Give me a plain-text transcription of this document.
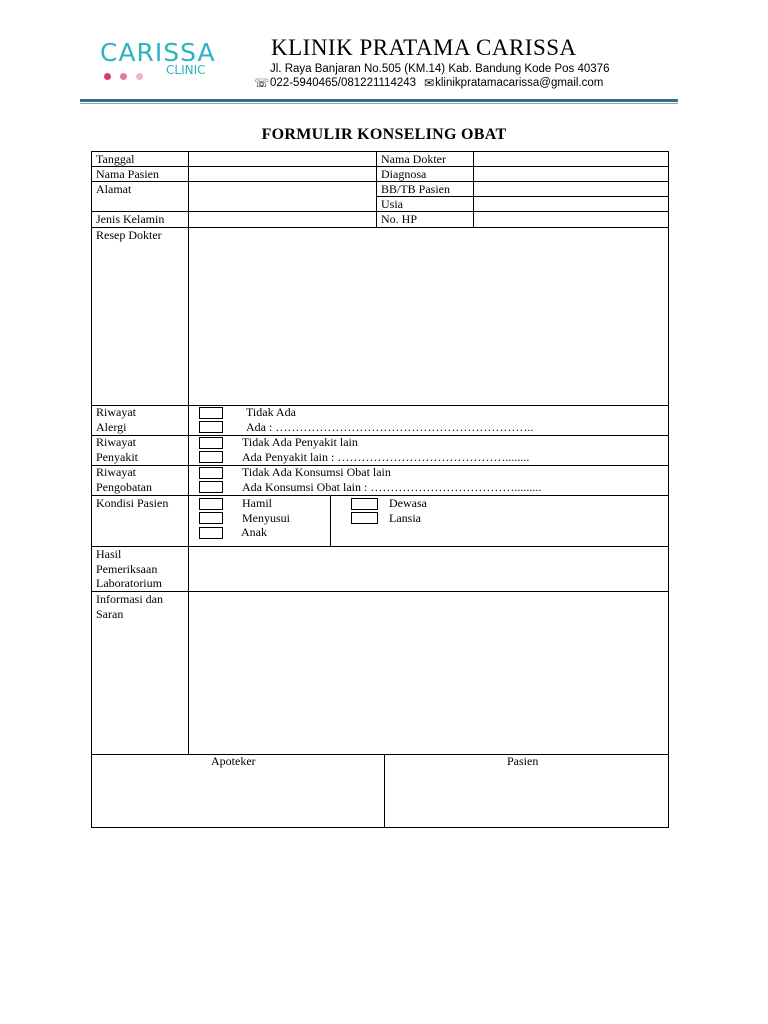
CARISSA
CLINIC
KLINIK PRATAMA CARISSA
Jl. Raya Banjaran No.505 (KM.14) Kab. Bandung Kode Pos 40376
☏ 022-5940465/081221114243 ✉ klinikpratamacarissa@gmail.com
FORMULIR KONSELING OBAT
Tanggal
Nama Pasien
Alamat
Jenis Kelamin
Nama Dokter
Diagnosa
BB/TB Pasien
Usia
No. HP
Resep Dokter
Riwayat
Alergi
Tidak Ada
Ada : ………………………………………………………..
Riwayat
Penyakit
Tidak Ada Penyakit lain
Ada Penyakit lain : ……………………………………........
Riwayat
Pengobatan
Tidak Ada Konsumsi Obat lain
Ada Konsumsi Obat lain : ……………………………….........
Kondisi Pasien	Hamil
Menyusui
Anak
Dewasa
Lansia
Hasil
Pemeriksaan
Laboratorium
Informasi dan
Saran
Apoteker	Pasien
